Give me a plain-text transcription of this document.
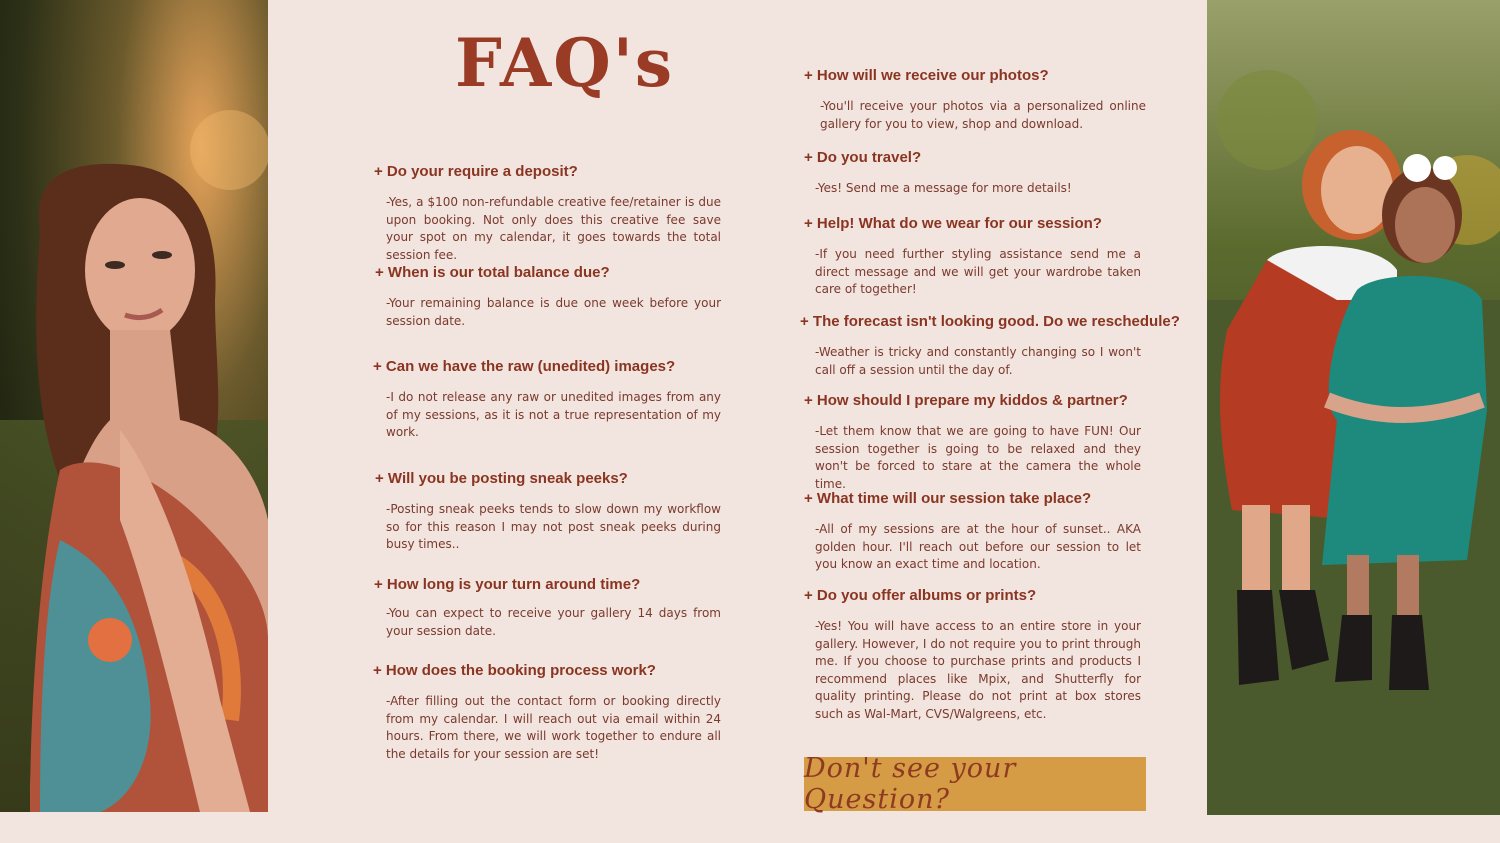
FAQ's
+ Do your require a deposit?
-Yes, a $100 non-refundable creative fee/retainer is due upon booking. Not only does this creative fee save your spot on my calendar, it goes towards the total session fee.
+ When is our total balance due?
-Your remaining balance is due one week before your session date.
+ Can we have the raw (unedited) images?
-I do not release any raw or unedited images from any of my sessions, as it is not a true representation of my work.
+ Will you be posting sneak peeks?
-Posting sneak peeks tends to slow down my workflow so for this reason I may not post sneak peeks during busy times..
+ How long is your turn around time?
-You can expect to receive your gallery 14 days from your session date.
+ How does the booking process work?
-After filling out the contact form or booking directly from my calendar. I will reach out via email within 24 hours. From there, we will work together to endure all the details for your session are set!
+ How will we receive our photos?
-You'll receive your photos via a personalized online gallery for you to view, shop and download.
+ Do you travel?
-Yes! Send me a message for more details!
+ Help! What do we wear for our session?
-If you need further styling assistance send me a direct message and we will get your wardrobe taken care of together!
+ The forecast isn't looking good. Do we reschedule?
-Weather is tricky and constantly changing so I won't call off a session until the day of.
+ How should I prepare my kiddos & partner?
-Let them know that we are going to have FUN! Our session together is going to be relaxed and they won't be forced to stare at the camera the whole time.
+ What time will our session take place?
-All of my sessions are at the hour of sunset.. AKA golden hour. I'll reach out before our session to let you know an exact time and location.
+ Do you offer albums or prints?
-Yes! You will have access to an entire store in your gallery. However, I do not require you to print through me. If you choose to purchase prints and products I recommend places like Mpix, and Shutterfly for quality printing. Please do not print at box stores such as Wal-Mart, CVS/Walgreens, etc.
Don't see your Question?
